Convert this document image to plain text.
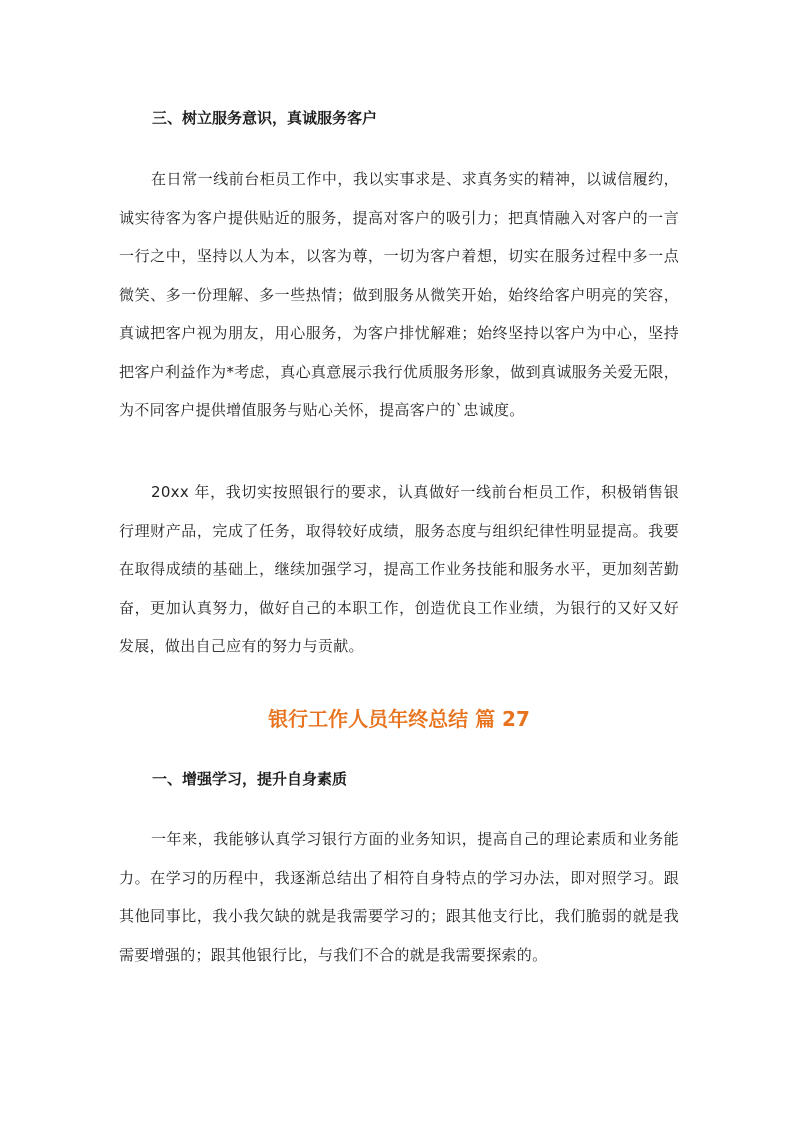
三、树立服务意识，真诚服务客户

在日常一线前台柜员工作中，我以实事求是、求真务实的精神，以诚信履约，诚实待客为客户提供贴近的服务，提高对客户的吸引力；把真情融入对客户的一言一行之中，坚持以人为本，以客为尊，一切为客户着想，切实在服务过程中多一点微笑、多一份理解、多一些热情；做到服务从微笑开始，始终给客户明亮的笑容，真诚把客户视为朋友，用心服务，为客户排忧解难；始终坚持以客户为中心，坚持把客户利益作为*考虑，真心真意展示我行优质服务形象，做到真诚服务关爱无限，为不同客户提供增值服务与贴心关怀，提高客户的`忠诚度。

20xx 年，我切实按照银行的要求，认真做好一线前台柜员工作，积极销售银行理财产品，完成了任务，取得较好成绩，服务态度与组织纪律性明显提高。我要在取得成绩的基础上，继续加强学习，提高工作业务技能和服务水平，更加刻苦勤奋，更加认真努力，做好自己的本职工作，创造优良工作业绩，为银行的又好又好发展，做出自己应有的努力与贡献。

银行工作人员年终总结 篇 27
一、增强学习，提升自身素质

一年来，我能够认真学习银行方面的业务知识，提高自己的理论素质和业务能力。在学习的历程中，我逐渐总结出了相符自身特点的学习办法，即对照学习。跟其他同事比，我小我欠缺的就是我需要学习的；跟其他支行比，我们脆弱的就是我需要增强的；跟其他银行比，与我们不合的就是我需要探索的。
